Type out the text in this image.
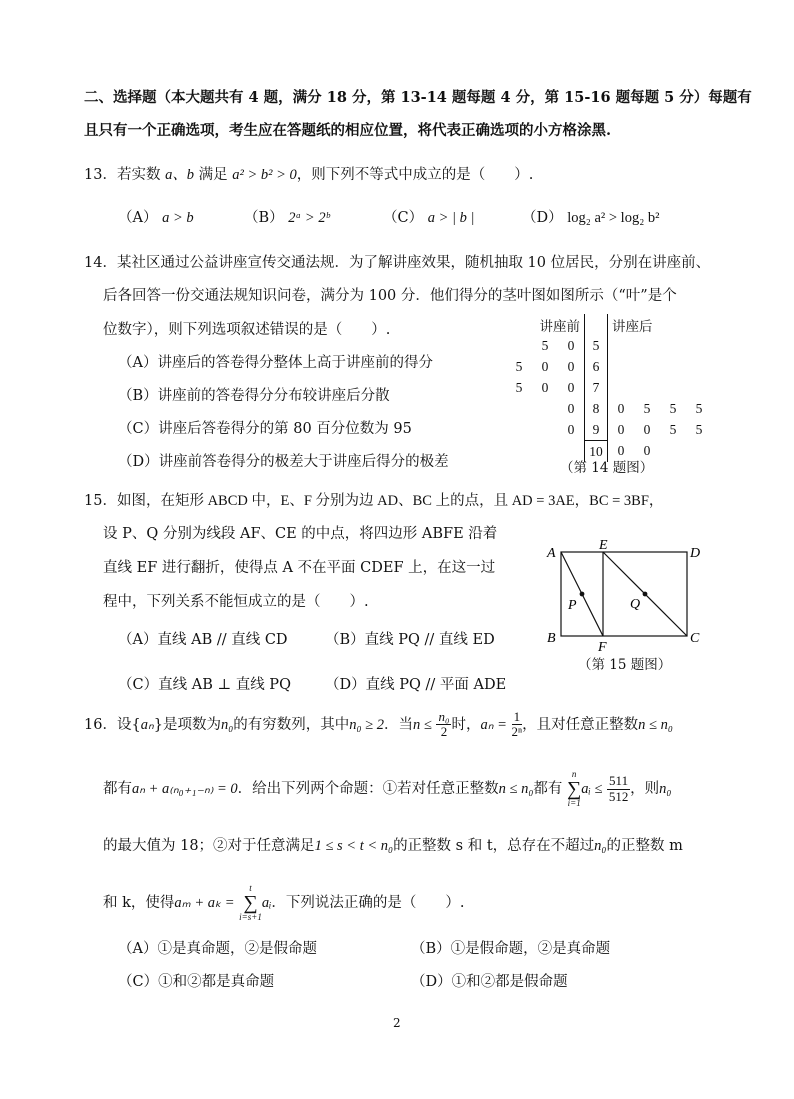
二、选择题（本大题共有 4 题，满分 18 分，第 13-14 题每题 4 分，第 15-16 题每题 5 分）每题有
且只有一个正确选项，考生应在答题纸的相应位置，将代表正确选项的小方格涂黑.
13．若实数 a、b 满足 a² > b² > 0，则下列不等式中成立的是（　　）.
（A） a > b	（B） 2ᵃ > 2ᵇ	（C） a > | b |	（D） log₂ a² > log₂ b²
14．某社区通过公益讲座宣传交通法规．为了解讲座效果，随机抽取 10 位居民，分别在讲座前、
后各回答一份交通法规知识问卷，满分为 100 分．他们得分的茎叶图如图所示（“叶”是个
位数字），则下列选项叙述错误的是（　　）.
（A）讲座后的答卷得分整体上高于讲座前的得分
（B）讲座前的答卷得分分布较讲座后分散
（C）讲座后答卷得分的第 80 百分位数为 95
（D）讲座前答卷得分的极差大于讲座后得分的极差
讲座前				讲座后			
	5	0	5				
5	0	0	6				
5	0	0	7				
		0	8	0	5	5	5
		0	9	0	0	5	5
			10	0	0		
（第 14 题图）
15．如图，在矩形 ABCD 中，E、F 分别为边 AD、BC 上的点，且 AD = 3AE，BC = 3BF，
设 P、Q 分别为线段 AF、CE 的中点，将四边形 ABFE 沿着
直线 EF 进行翻折，使得点 A 不在平面 CDEF 上，在这一过
程中，下列关系不能恒成立的是（　　）.
（A）直线 AB // 直线 CD	（B）直线 PQ // 直线 ED
（C）直线 AB ⊥ 直线 PQ （D）直线 PQ // 平面 ADE
A
E
D
B
F
C
P	Q
（第 15 题图）
16．设{aₙ}是项数为n₀的有穷数列，其中n₀ ≥ 2．当$n \le \frac{\text{n₀}}{2}$ 时，$a_n = \frac{1}{\text{2ⁿ}}$ ，且对任意正整数n ≤ n₀
都有aₙ + a₍ₙ₀₊₁₋ₙ₎ = 0．给出下列两个命题：①若对任意正整数n ≤ n₀都有
n
∑
i=1
aᵢ ≤ $\frac{511}{512}$ ，则n₀
的最大值为 18；②对于任意满足1 ≤ s < t < n₀的正整数 s 和 t，总存在不超过n₀的正整数 m
和 k，使得aₘ + aₖ =
t
∑
i=s+1
aᵢ．下列说法正确的是（　　）.
（A）①是真命题，②是假命题	（B）①是假命题，②是真命题
（C）①和②都是真命题	（D）①和②都是假命题
2
